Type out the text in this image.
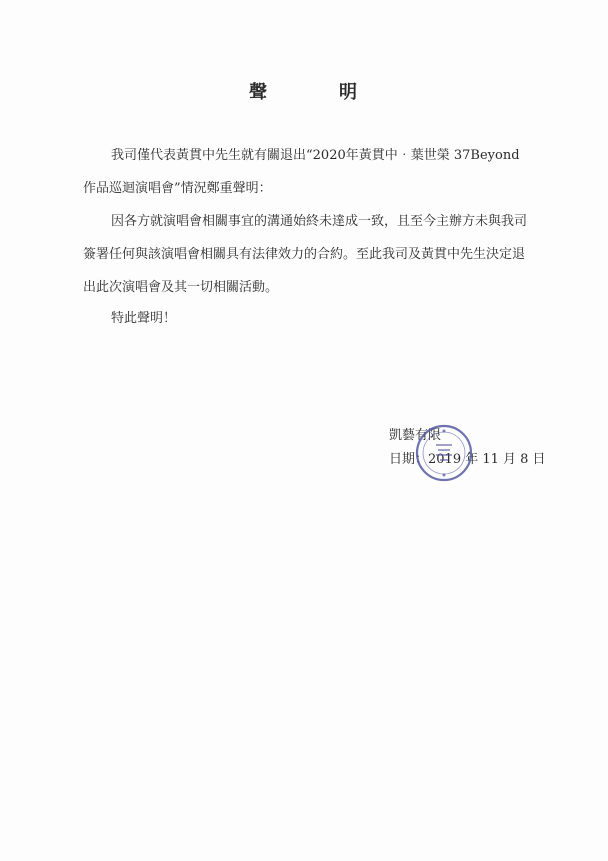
聲	明
我司僅代表黃貫中先生就有關退出“2020年黃貫中‧葉世榮 37Beyond 作品巡迴演唱會”情況鄭重聲明：
因各方就演唱會相關事宜的溝通始終未達成一致，且至今主辦方未與我司簽署任何與該演唱會相關具有法律效力的合約。至此我司及黃貫中先生決定退出此次演唱會及其一切相關活動。
特此聲明！
凱藝有限
日期：2019 年 11 月 8 日
